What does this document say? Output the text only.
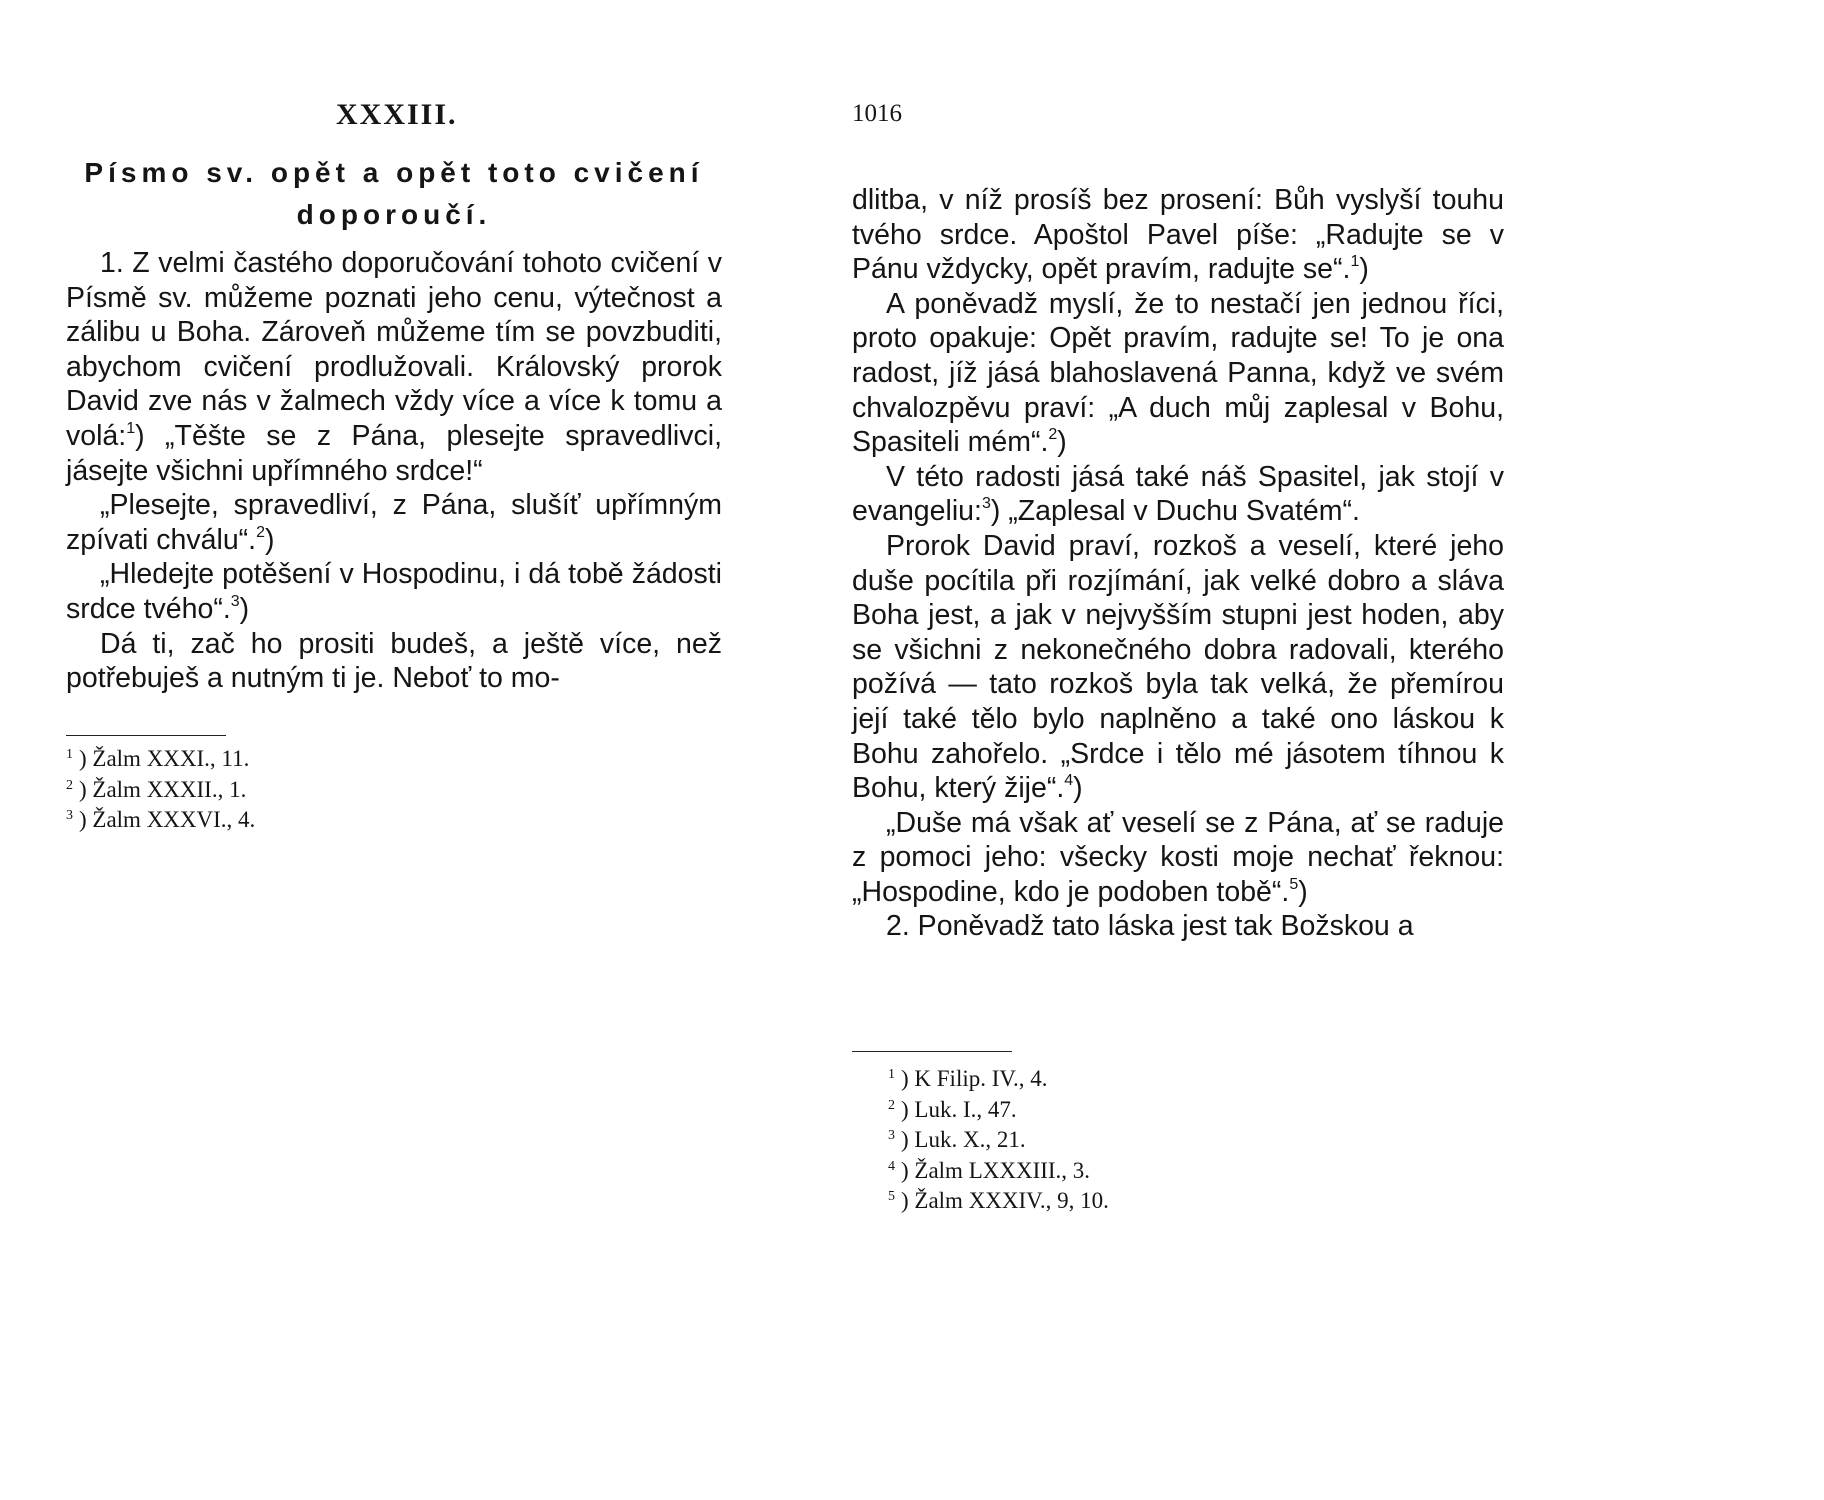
XXXIII.
Písmo sv. opět a opět toto cvičení doporoučí.

1. Z velmi častého doporučování tohoto cvičení v Písmě sv. můžeme poznati jeho cenu, výtečnost a zálibu u Boha. Zároveň můžeme tím se povzbuditi, abychom cvičení prodlužovali. Královský prorok David zve nás v žalmech vždy více a více k tomu a volá:$^1$) „Těšte se z Pána, plesejte spravedlivci, jásejte všichni upřímného srdce!“

„Plesejte, spravedliví, z Pána, slušíť upřímným zpívati chválu“.$^2$)

„Hledejte potěšení v Hospodinu, i dá tobě žádosti srdce tvého“.$^3$)

Dá ti, zač ho prositi budeš, a ještě více, než potřebuješ a nutným ti je. Neboť to mo-

$^1$ ) Žalm XXXI., 11.
$^2$ ) Žalm XXXII., 1.
$^3$ ) Žalm XXXVI., 4.
1016

dlitba, v níž prosíš bez prosení: Bůh vyslyší touhu tvého srdce. Apoštol Pavel píše: „Radujte se v Pánu vždycky, opět pravím, radujte se“.$^1$)

A poněvadž myslí, že to nestačí jen jednou říci, proto opakuje: Opět pravím, radujte se! To je ona radost, jíž jásá blahoslavená Panna, když ve svém chvalozpěvu praví: „A duch můj zaplesal v Bohu, Spasiteli mém“.$^2$)

V této radosti jásá také náš Spasitel, jak stojí v evangeliu:$^3$) „Zaplesal v Duchu Svatém“.

Prorok David praví, rozkoš a veselí, které jeho duše pocítila při rozjímání, jak velké dobro a sláva Boha jest, a jak v nejvyšším stupni jest hoden, aby se všichni z nekonečného dobra radovali, kterého požívá — tato rozkoš byla tak velká, že přemírou její také tělo bylo naplněno a také ono láskou k Bohu zahořelo. „Srdce i tělo mé jásotem tíhnou k Bohu, který žije“.$^4$)

„Duše má však ať veselí se z Pána, ať se raduje z pomoci jeho: všecky kosti moje nechať řeknou: „Hospodine, kdo je podoben tobě“.$^5$)

2. Poněvadž tato láska jest tak Božskou a

$^1$ ) K Filip. IV., 4.
$^2$ ) Luk. I., 47.
$^3$ ) Luk. X., 21.
$^4$ ) Žalm LXXXIII., 3.
$^5$ ) Žalm XXXIV., 9, 10.
